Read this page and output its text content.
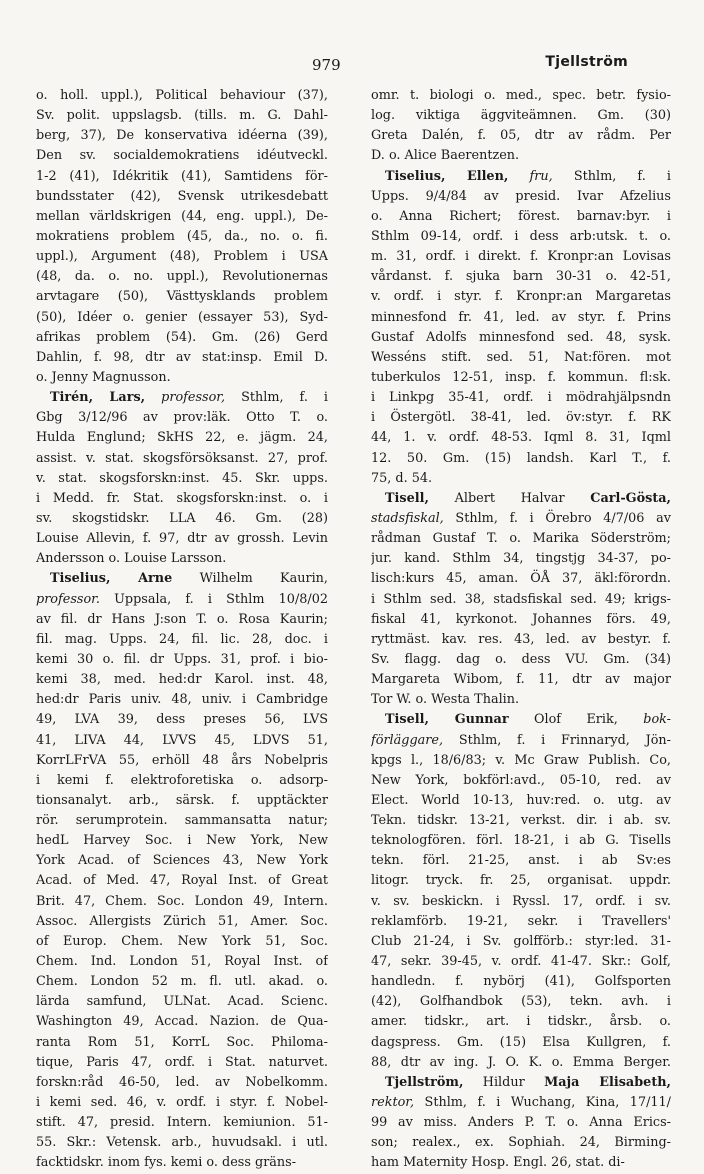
979	Tjellström
o. holl. uppl.), Political behaviour (37),
Sv. polit. uppslagsb. (tills. m. G. Dahl-
berg, 37), De konservativa idéerna (39),
Den sv. socialdemokratiens idéutveckl.
1-2 (41), Idékritik (41), Samtidens för-
bundsstater (42), Svensk utrikesdebatt
mellan världskrigen (44, eng. uppl.), De-
mokratiens problem (45, da., no. o. fi.
uppl.), Argument (48), Problem i USA
(48, da. o. no. uppl.), Revolutionernas
arvtagare (50), Västtysklands problem
(50), Idéer o. genier (essayer 53), Syd-
afrikas problem (54). Gm. (26) Gerd
Dahlin, f. 98, dtr av stat:insp. Emil D.
o. Jenny Magnusson.
Tirén, Lars, professor, Sthlm, f. i
Gbg 3/12/96 av prov:läk. Otto T. o.
Hulda Englund; SkHS 22, e. jägm. 24,
assist. v. stat. skogsförsöksanst. 27, prof.
v. stat. skogsforskn:inst. 45. Skr. upps.
i Medd. fr. Stat. skogsforskn:inst. o. i
sv. skogstidskr. LLA 46. Gm. (28)
Louise Allevin, f. 97, dtr av grossh. Levin
Andersson o. Louise Larsson.
Tiselius, Arne Wilhelm Kaurin,
professor. Uppsala, f. i Sthlm 10/8/02
av fil. dr Hans J:son T. o. Rosa Kaurin;
fil. mag. Upps. 24, fil. lic. 28, doc. i
kemi 30 o. fil. dr Upps. 31, prof. i bio-
kemi 38, med. hed:dr Karol. inst. 48,
hed:dr Paris univ. 48, univ. i Cambridge
49, LVA 39, dess preses 56, LVS
41, LIVA 44, LVVS 45, LDVS 51,
KorrLFrVA 55, erhöll 48 års Nobelpris
i kemi f. elektroforetiska o. adsorp-
tionsanalyt. arb., särsk. f. upptäckter
rör. serumprotein. sammansatta natur;
hedL Harvey Soc. i New York, New
York Acad. of Sciences 43, New York
Acad. of Med. 47, Royal Inst. of Great
Brit. 47, Chem. Soc. London 49, Intern.
Assoc. Allergists Zürich 51, Amer. Soc.
of Europ. Chem. New York 51, Soc.
Chem. Ind. London 51, Royal Inst. of
Chem. London 52 m. fl. utl. akad. o.
lärda samfund, ULNat. Acad. Scienc.
Washington 49, Accad. Nazion. de Qua-
ranta Rom 51, KorrL Soc. Philoma-
tique, Paris 47, ordf. i Stat. naturvet.
forskn:råd 46-50, led. av Nobelkomm.
i kemi sed. 46, v. ordf. i styr. f. Nobel-
stift. 47, presid. Intern. kemiunion. 51-
55. Skr.: Vetensk. arb., huvudsakl. i utl.
facktidskr. inom fys. kemi o. dess gräns-
omr. t. biologi o. med., spec. betr. fysio-
log. viktiga äggviteämnen. Gm. (30)
Greta Dalén, f. 05, dtr av rådm. Per
D. o. Alice Baerentzen.
Tiselius, Ellen, fru, Sthlm, f. i
Upps. 9/4/84 av presid. Ivar Afzelius
o. Anna Richert; förest. barnav:byr. i
Sthlm 09-14, ordf. i dess arb:utsk. t. o.
m. 31, ordf. i direkt. f. Kronpr:an Lovisas
vårdanst. f. sjuka barn 30-31 o. 42-51,
v. ordf. i styr. f. Kronpr:an Margaretas
minnesfond fr. 41, led. av styr. f. Prins
Gustaf Adolfs minnesfond sed. 48, sysk.
Wesséns stift. sed. 51, Nat:fören. mot
tuberkulos 12-51, insp. f. kommun. fl:sk.
i Linkpg 35-41, ordf. i mödrahjälpsndn
i Östergötl. 38-41, led. öv:styr. f. RK
44, 1. v. ordf. 48-53. Iqml 8. 31, Iqml
12. 50. Gm. (15) landsh. Karl T., f.
75, d. 54.
Tisell, Albert Halvar Carl-Gösta,
stadsfiskal, Sthlm, f. i Örebro 4/7/06 av
rådman Gustaf T. o. Marika Söderström;
jur. kand. Sthlm 34, tingstjg 34-37, po-
lisch:kurs 45, aman. ÖÅ 37, äkl:förordn.
i Sthlm sed. 38, stadsfiskal sed. 49; krigs-
fiskal 41, kyrkonot. Johannes förs. 49,
ryttmäst. kav. res. 43, led. av bestyr. f.
Sv. flagg. dag o. dess VU. Gm. (34)
Margareta Wibom, f. 11, dtr av major
Tor W. o. Westa Thalin.
Tisell, Gunnar Olof Erik, bok-
förläggare, Sthlm, f. i Frinnaryd, Jön-
kpgs l., 18/6/83; v. Mc Graw Publish. Co,
New York, bokförl:avd., 05-10, red. av
Elect. World 10-13, huv:red. o. utg. av
Tekn. tidskr. 13-21, verkst. dir. i ab. sv.
teknologfören. förl. 18-21, i ab G. Tisells
tekn. förl. 21-25, anst. i ab Sv:es
litogr. tryck. fr. 25, organisat. uppdr.
v. sv. beskickn. i Ryssl. 17, ordf. i sv.
reklamförb. 19-21, sekr. i Travellers'
Club 21-24, i Sv. golfförb.: styr:led. 31-
47, sekr. 39-45, v. ordf. 41-47. Skr.: Golf,
handledn. f. nybörj (41), Golfsporten
(42), Golfhandbok (53), tekn. avh. i
amer. tidskr., art. i tidskr., årsb. o.
dagspress. Gm. (15) Elsa Kullgren, f.
88, dtr av ing. J. O. K. o. Emma Berger.
Tjellström, Hildur Maja Elisabeth,
rektor, Sthlm, f. i Wuchang, Kina, 17/11/
99 av miss. Anders P. T. o. Anna Erics-
son; realex., ex. Sophiah. 24, Birming-
ham Maternity Hosp. Engl. 26, stat. di-
